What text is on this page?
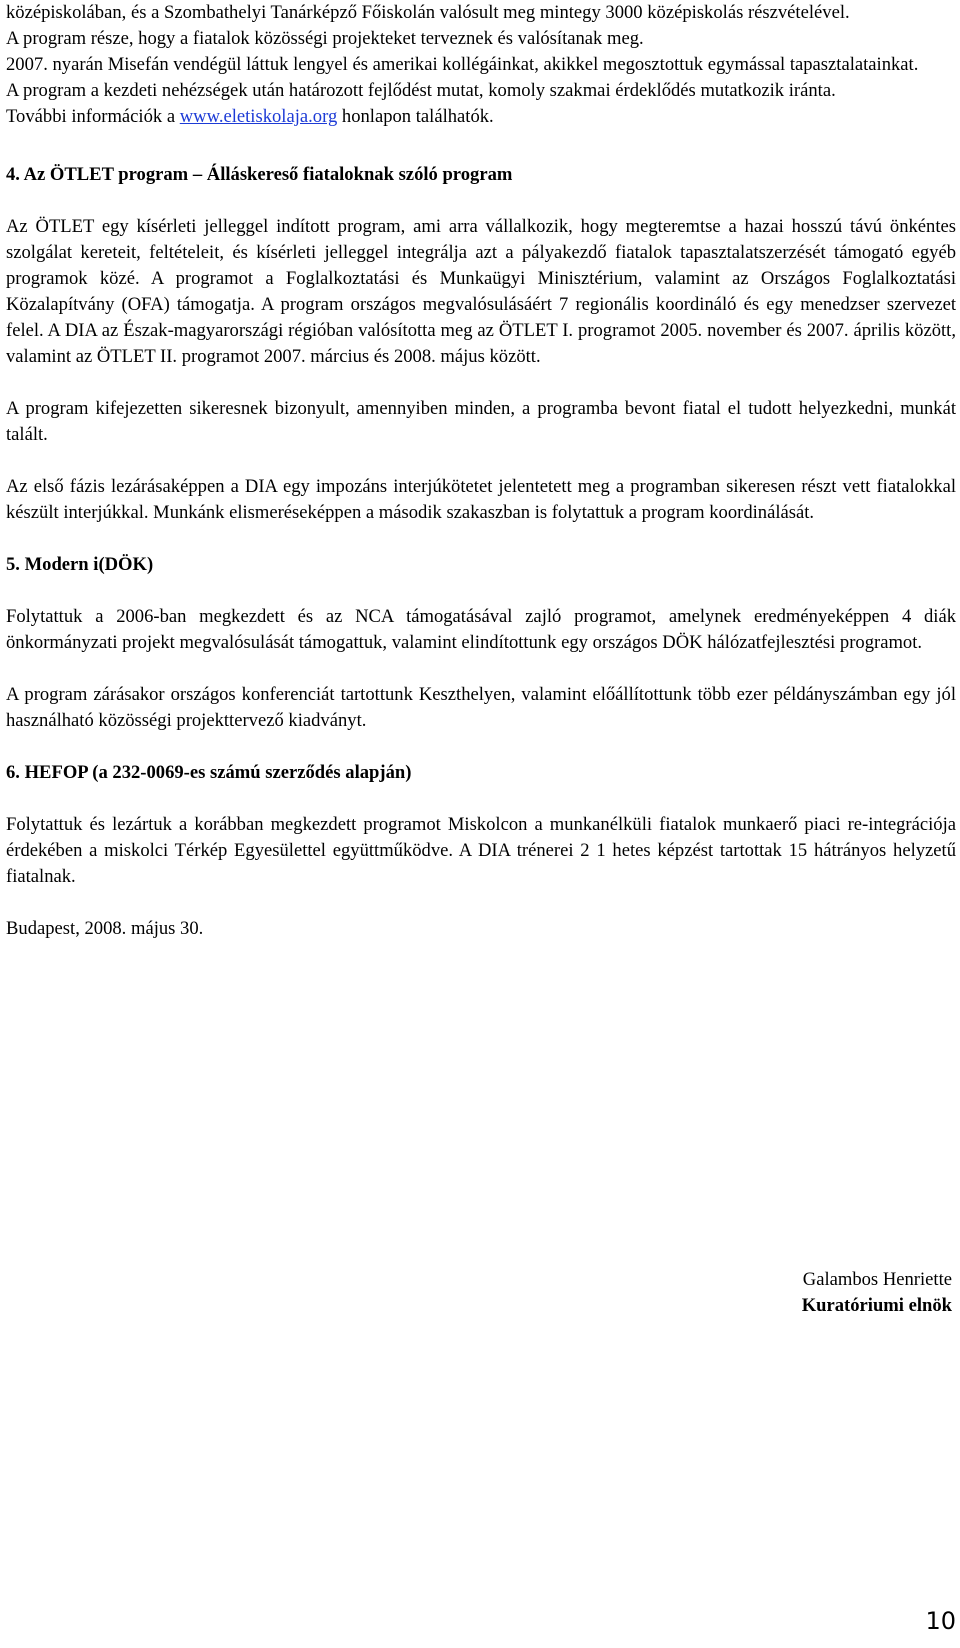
középiskolában, és a Szombathelyi Tanárképző Főiskolán valósult meg mintegy 3000 középiskolás részvételével.

A program része, hogy a fiatalok közösségi projekteket terveznek és valósítanak meg.

2007. nyarán Misefán vendégül láttuk lengyel és amerikai kollégáinkat, akikkel megosztottuk egymással tapasztalatainkat.

A program a kezdeti nehézségek után határozott fejlődést mutat, komoly szakmai érdeklődés mutatkozik iránta.

További információk a www.eletiskolaja.org honlapon találhatók.

4. Az ÖTLET program – Álláskereső fiataloknak szóló program

Az ÖTLET egy kísérleti jelleggel indított program, ami arra vállalkozik, hogy megteremtse a hazai hosszú távú önkéntes szolgálat kereteit, feltételeit, és kísérleti jelleggel integrálja azt a pályakezdő fiatalok tapasztalatszerzését támogató egyéb programok közé. A programot a Foglalkoztatási és Munkaügyi Minisztérium, valamint az Országos Foglalkoztatási Közalapítvány (OFA) támogatja. A program országos megvalósulásáért 7 regionális koordináló és egy menedzser szervezet felel. A DIA az Észak-magyarországi régióban valósította meg az ÖTLET I. programot 2005. november és 2007. április között, valamint az ÖTLET II. programot 2007. március és 2008. május között.

A program kifejezetten sikeresnek bizonyult, amennyiben minden, a programba bevont fiatal el tudott helyezkedni, munkát talált.

Az első fázis lezárásaképpen a DIA egy impozáns interjúkötetet jelentetett meg a programban sikeresen részt vett fiatalokkal készült interjúkkal. Munkánk elismeréseképpen a második szakaszban is folytattuk a program koordinálását.

5. Modern i(DÖK)

Folytattuk a 2006-ban megkezdett és az NCA támogatásával zajló programot, amelynek eredményeképpen 4 diák önkormányzati projekt megvalósulását támogattuk, valamint elindítottunk egy országos DÖK hálózatfejlesztési programot.

A program zárásakor országos konferenciát tartottunk Keszthelyen, valamint előállítottunk több ezer példányszámban egy jól használható közösségi projekttervező kiadványt.

6. HEFOP (a 232-0069-es számú szerződés alapján)

Folytattuk és lezártuk a korábban megkezdett programot Miskolcon a munkanélküli fiatalok munkaerő piaci re-integrációja érdekében a miskolci Térkép Egyesülettel együttműködve. A DIA trénerei 2 1 hetes képzést tartottak 15 hátrányos helyzetű fiatalnak.

Budapest, 2008. május 30.

Galambos Henriette
Kuratóriumi elnök
10
